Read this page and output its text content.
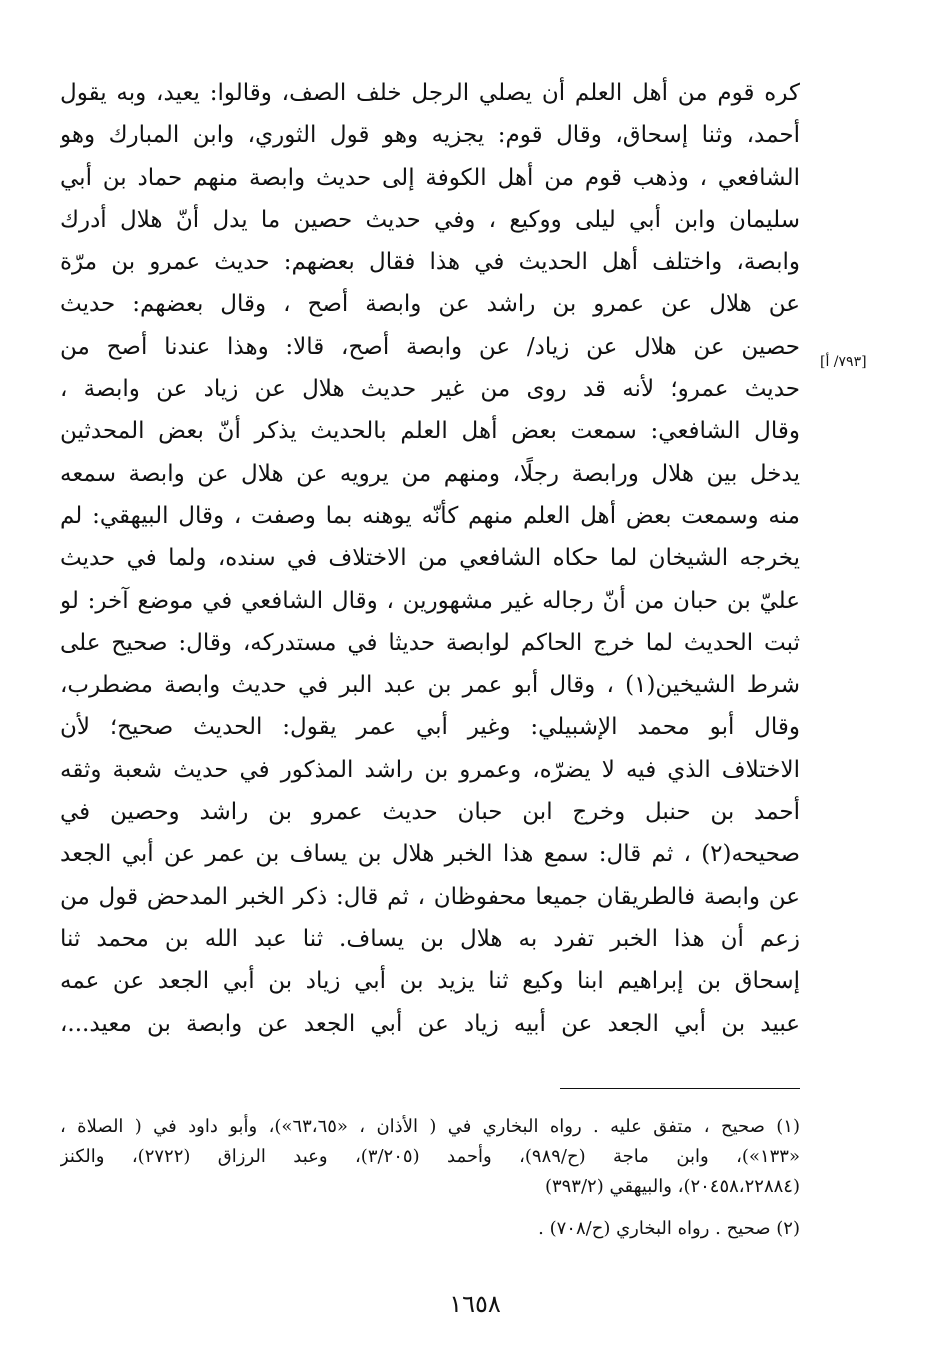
[٧٩٣/ أ]
كره قوم من أهل العلم أن يصلي الرجل خلف الصف، وقالوا: يعيد، وبه يقول
أحمد، وثنا إسحاق، وقال قوم: يجزيه وهو قول الثوري، وابن المبارك وهو
الشافعي ، وذهب قوم من أهل الكوفة إلى حديث وابصة منهم حماد بن أبي
سليمان وابن أبي ليلى ووكيع ، وفي حديث حصين ما يدل أنّ هلال أدرك
وابصة، واختلف أهل الحديث في هذا فقال بعضهم: حديث عمرو بن مرّة
عن هلال عن عمرو بن راشد عن وابصة أصح ، وقال بعضهم: حديث
حصين عن هلال عن زياد/ عن وابصة أصح، قالا: وهذا عندنا أصح من
حديث عمرو؛ لأنه قد روى من غير حديث هلال عن زياد عن وابصة ،
وقال الشافعي: سمعت بعض أهل العلم بالحديث يذكر أنّ بعض المحدثين
يدخل بين هلال ورابصة رجلًا، ومنهم من يرويه عن هلال عن وابصة سمعه
منه وسمعت بعض أهل العلم منهم كأنّه يوهنه بما وصفت ، وقال البيهقي: لم
يخرجه الشيخان لما حكاه الشافعي من الاختلاف في سنده، ولما في حديث
عليّ بن حبان من أنّ رجاله غير مشهورين ، وقال الشافعي في موضع آخر: لو
ثبت الحديث لما خرج الحاكم لوابصة حديثا في مستدركه، وقال: صحيح على
شرط الشيخين(١) ، وقال أبو عمر بن عبد البر في حديث وابصة مضطرب،
وقال أبو محمد الإشبيلي: وغير أبي عمر يقول: الحديث صحيح؛ لأن
الاختلاف الذي فيه لا يضرّه، وعمرو بن راشد المذكور في حديث شعبة وثقه
أحمد بن حنبل وخرج ابن حبان حديث عمرو بن راشد وحصين في
صحيحه(٢) ، ثم قال: سمع هذا الخبر هلال بن يساف بن عمر عن أبي الجعد
عن وابصة فالطريقان جميعا محفوظان ، ثم قال: ذكر الخبر المدحض قول من
زعم أن هذا الخبر تفرد به هلال بن يساف. ثنا عبد الله بن محمد ثنا
إسحاق بن إبراهيم ابنا وكيع ثنا يزيد بن أبي زياد بن أبي الجعد عن عمه
عبيد بن أبي الجعد عن أبيه زياد عن أبي الجعد عن وابصة بن معيد...،
(١) صحيح ، متفق عليه . رواه البخاري في ( الأذان ، «٦٣،٦٥»)، وأبو داود في ( الصلاة ،
«١٣٣»)، وابن ماجة (ح/٩٨٩)، وأحمد (٣/٢٠٥)، وعبد الرزاق (٢٧٢٢)، والكنز
(٢٠٤٥٨،٢٢٨٨٤)، والبيهقي (٣٩٣/٢)
(٢) صحيح . رواه البخاري (ح/٧٠٨) .
١٦٥٨
